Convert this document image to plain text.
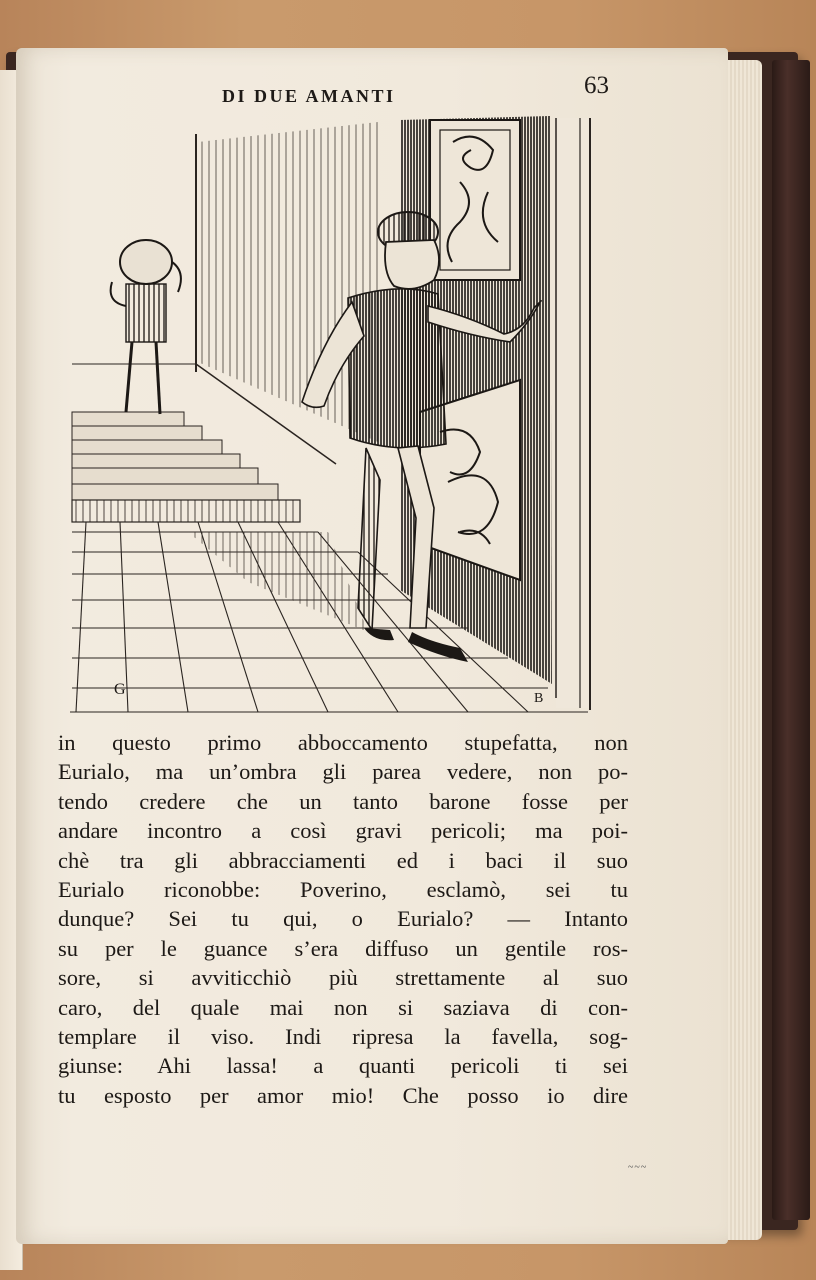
DI DUE AMANTI	63
G
B
in questo primo abboccamento stupefatta, non
Eurialo, ma un’ombra gli parea vedere, non po-
tendo credere che un tanto barone fosse per
andare incontro a così gravi pericoli; ma poi-
chè tra gli abbracciamenti ed i baci il suo
Eurialo riconobbe: Poverino, esclamò, sei tu
dunque? Sei tu qui, o Eurialo? — Intanto
su per le guance s’era diffuso un gentile ros-
sore, si avviticchiò più strettamente al suo
caro, del quale mai non si saziava di con-
templare il viso. Indi ripresa la favella, sog-
giunse: Ahi lassa! a quanti pericoli ti sei
tu esposto per amor mio! Che posso io dire
~~~
